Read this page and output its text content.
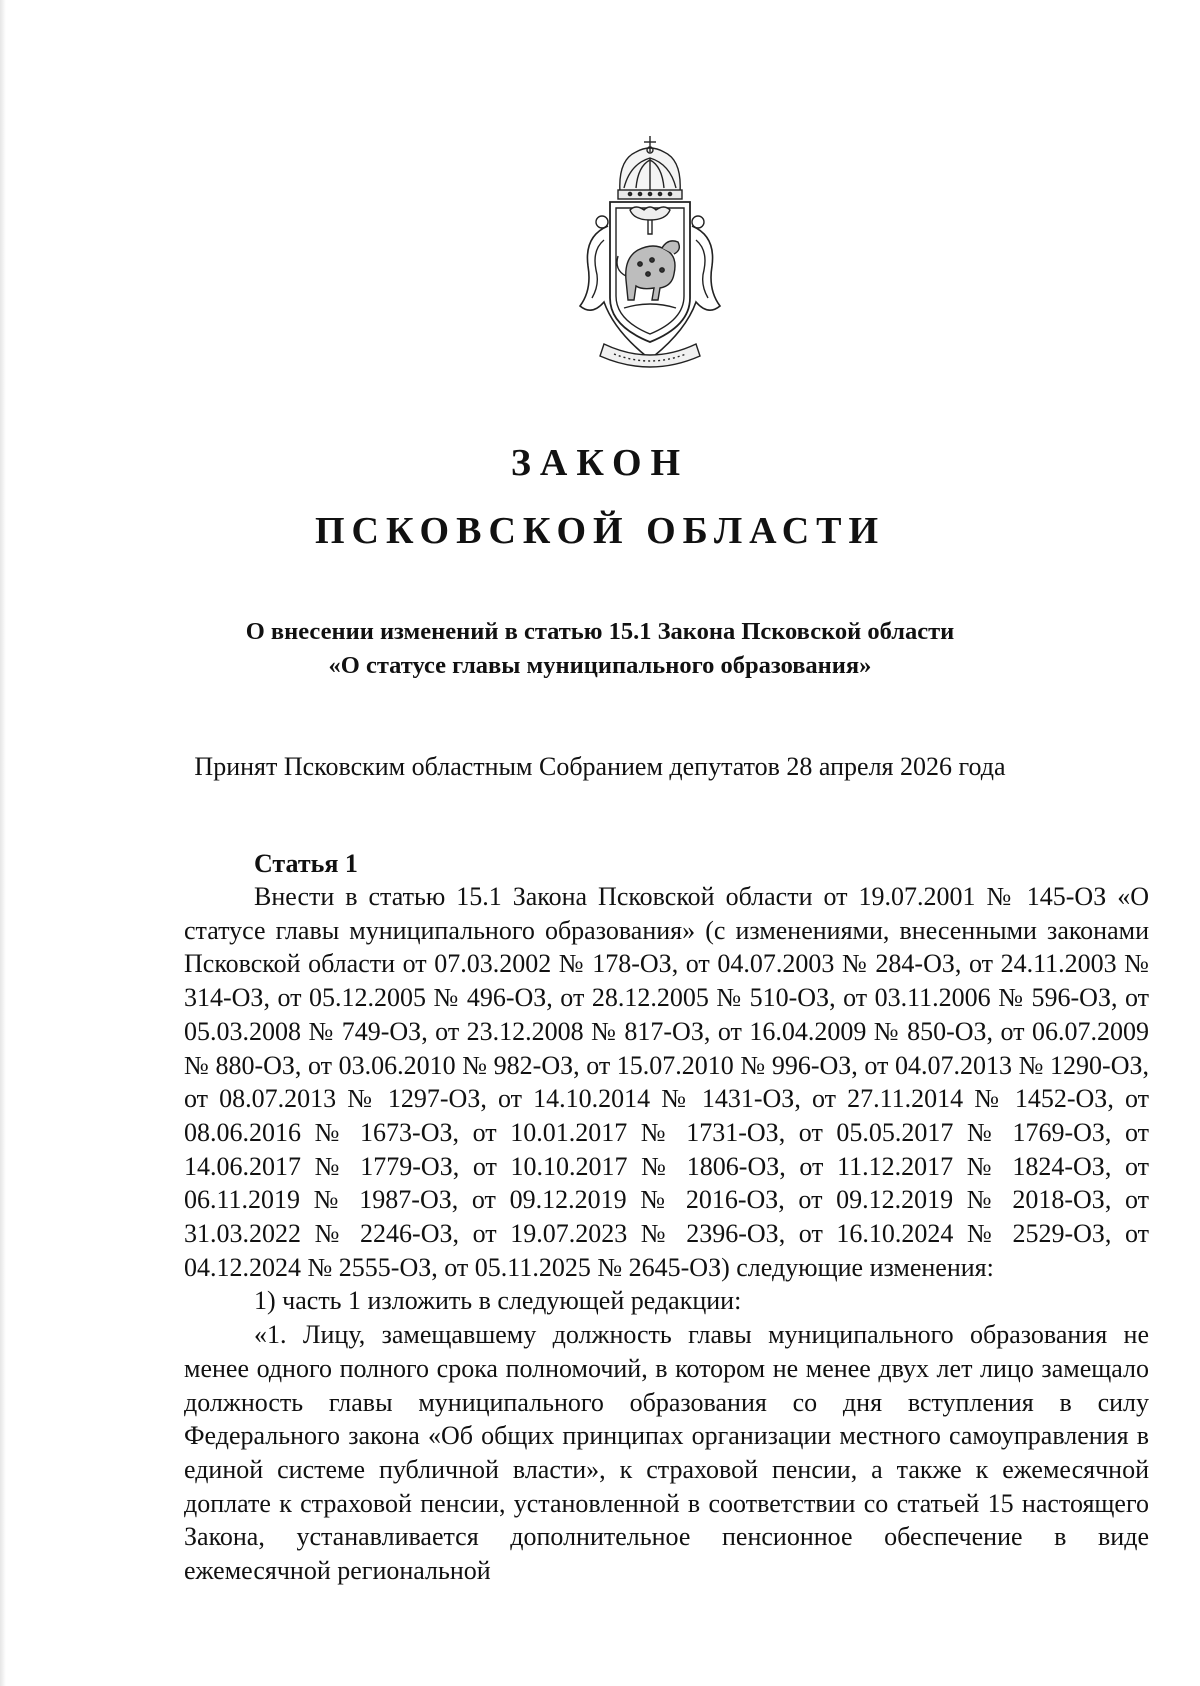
ЗАКОН
ПСКОВСКОЙ ОБЛАСТИ
О внесении изменений в статью 15.1 Закона Псковской области
«О статусе главы муниципального образования»
Принят Псковским областным Собранием депутатов 28 апреля 2026 года
Статья 1

Внести в статью 15.1 Закона Псковской области от 19.07.2001 № 145-ОЗ «О статусе главы муниципального образования» (с изменениями, внесенными законами Псковской области от 07.03.2002 № 178-ОЗ, от 04.07.2003 № 284-ОЗ, от 24.11.2003 № 314-ОЗ, от 05.12.2005 № 496-ОЗ, от 28.12.2005 № 510-ОЗ, от 03.11.2006 № 596-ОЗ, от 05.03.2008 № 749-ОЗ, от 23.12.2008 № 817-ОЗ, от 16.04.2009 № 850-ОЗ, от 06.07.2009 № 880-ОЗ, от 03.06.2010 № 982-ОЗ, от 15.07.2010 № 996-ОЗ, от 04.07.2013 № 1290-ОЗ, от 08.07.2013 № 1297-ОЗ, от 14.10.2014 № 1431-ОЗ, от 27.11.2014 № 1452-ОЗ, от 08.06.2016 № 1673-ОЗ, от 10.01.2017 № 1731-ОЗ, от 05.05.2017 № 1769-ОЗ, от 14.06.2017 № 1779-ОЗ, от 10.10.2017 № 1806-ОЗ, от 11.12.2017 № 1824-ОЗ, от 06.11.2019 № 1987-ОЗ, от 09.12.2019 № 2016-ОЗ, от 09.12.2019 № 2018-ОЗ, от 31.03.2022 № 2246-ОЗ, от 19.07.2023 № 2396-ОЗ, от 16.10.2024 № 2529-ОЗ, от 04.12.2024 № 2555-ОЗ, от 05.11.2025 № 2645-ОЗ) следующие изменения:

1) часть 1 изложить в следующей редакции:

«1. Лицу, замещавшему должность главы муниципального образования не менее одного полного срока полномочий, в котором не менее двух лет лицо замещало должность главы муниципального образования со дня вступления в силу Федерального закона «Об общих принципах организации местного самоуправления в единой системе публичной власти», к страховой пенсии, а также к ежемесячной доплате к страховой пенсии, установленной в соответствии со статьей 15 настоящего Закона, устанавливается дополнительное пенсионное обеспечение в виде ежемесячной региональной
